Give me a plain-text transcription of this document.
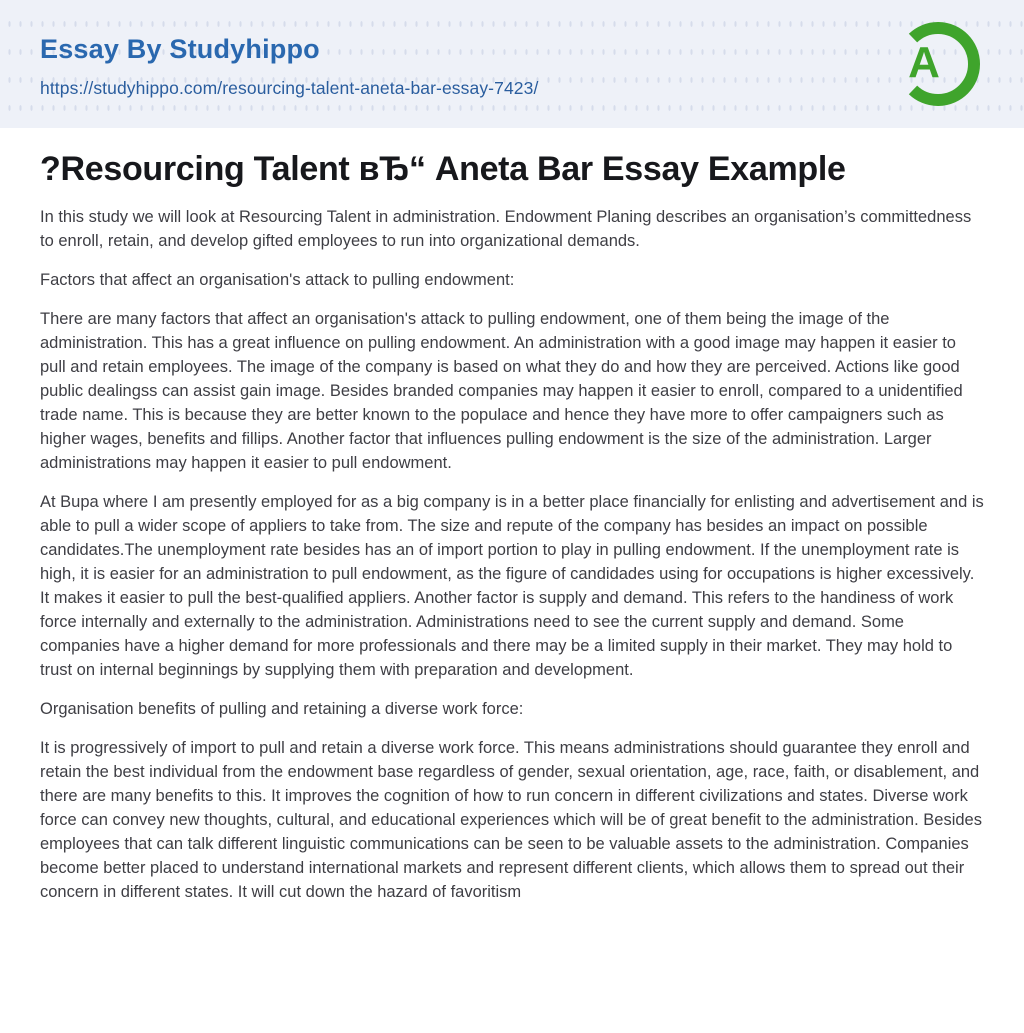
Essay By Studyhippo
https://studyhippo.com/resourcing-talent-aneta-bar-essay-7423/
A
?Resourcing Talent вЂ“ Aneta Bar Essay Example

In this study we will look at Resourcing Talent in administration. Endowment Planing describes an organisation’s committedness to enroll, retain, and develop gifted employees to run into organizational demands.

Factors that affect an organisation's attack to pulling endowment:

There are many factors that affect an organisation's attack to pulling endowment, one of them being the image of the administration. This has a great influence on pulling endowment. An administration with a good image may happen it easier to pull and retain employees. The image of the company is based on what they do and how they are perceived. Actions like good public dealingss can assist gain image. Besides branded companies may happen it easier to enroll, compared to a unidentified trade name. This is because they are better known to the populace and hence they have more to offer campaigners such as higher wages, benefits and fillips. Another factor that influences pulling endowment is the size of the administration. Larger administrations may happen it easier to pull endowment.

At Bupa where I am presently employed for as a big company is in a better place financially for enlisting and advertisement and is able to pull a wider scope of appliers to take from. The size and repute of the company has besides an impact on possible candidates.The unemployment rate besides has an of import portion to play in pulling endowment. If the unemployment rate is high, it is easier for an administration to pull endowment, as the figure of candidades using for occupations is higher excessively. It makes it easier to pull the best-qualified appliers. Another factor is supply and demand. This refers to the handiness of work force internally and externally to the administration. Administrations need to see the current supply and demand. Some companies have a higher demand for more professionals and there may be a limited supply in their market. They may hold to trust on internal beginnings by supplying them with preparation and development.

Organisation benefits of pulling and retaining a diverse work force:

It is progressively of import to pull and retain a diverse work force. This means administrations should guarantee they enroll and retain the best individual from the endowment base regardless of gender, sexual orientation, age, race, faith, or disablement, and there are many benefits to this. It improves the cognition of how to run concern in different civilizations and states. Diverse work force can convey new thoughts, cultural, and educational experiences which will be of great benefit to the administration. Besides employees that can talk different linguistic communications can be seen to be valuable assets to the administration. Companies become better placed to understand international markets and represent different clients, which allows them to spread out their concern in different states. It will cut down the hazard of favoritism
